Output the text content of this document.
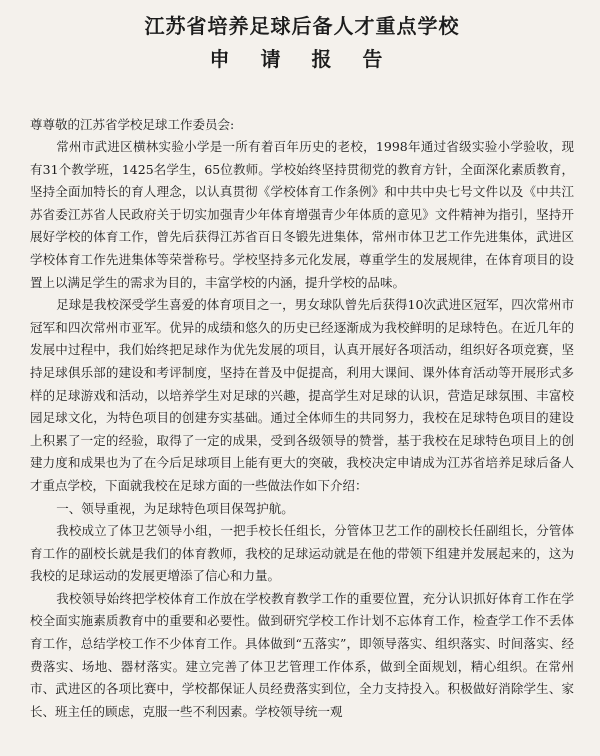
江苏省培养足球后备人才重点学校
申 请 报 告

尊尊敬的江苏省学校足球工作委员会:

常州市武进区横林实验小学是一所有着百年历史的老校，1998年通过省级实验小学验收，现有31个教学班，1425名学生，65位教师。学校始终坚持贯彻党的教育方针，全面深化素质教育，坚持全面加特长的育人理念，以认真贯彻《学校体育工作条例》和中共中央七号文件以及《中共江苏省委江苏省人民政府关于切实加强青少年体育增强青少年体质的意见》文件精神为指引，坚持开展好学校的体育工作，曾先后获得江苏省百日冬锻先进集体，常州市体卫艺工作先进集体，武进区学校体育工作先进集体等荣誉称号。学校坚持多元化发展，尊重学生的发展规律，在体育项目的设置上以满足学生的需求为目的，丰富学校的内涵，提升学校的品味。

足球是我校深受学生喜爱的体育项目之一，男女球队曾先后获得10次武进区冠军，四次常州市冠军和四次常州市亚军。优异的成绩和悠久的历史已经逐渐成为我校鲜明的足球特色。在近几年的发展中过程中，我们始终把足球作为优先发展的项目，认真开展好各项活动，组织好各项竞赛，坚持足球俱乐部的建设和考评制度，坚持在普及中促提高，利用大课间、课外体育活动等开展形式多样的足球游戏和活动，以培养学生对足球的兴趣，提高学生对足球的认识，营造足球氛围、丰富校园足球文化，为特色项目的创建夯实基础。通过全体师生的共同努力，我校在足球特色项目的建设上积累了一定的经验，取得了一定的成果，受到各级领导的赞誉，基于我校在足球特色项目上的创建力度和成果也为了在今后足球项目上能有更大的突破，我校决定申请成为江苏省培养足球后备人才重点学校，下面就我校在足球方面的一些做法作如下介绍：

一、领导重视，为足球特色项目保驾护航。

我校成立了体卫艺领导小组，一把手校长任组长，分管体卫艺工作的副校长任副组长，分管体育工作的副校长就是我们的体育教师，我校的足球运动就是在他的带领下组建并发展起来的，这为我校的足球运动的发展更增添了信心和力量。

我校领导始终把学校体育工作放在学校教育教学工作的重要位置，充分认识抓好体育工作在学校全面实施素质教育中的重要和必要性。做到研究学校工作计划不忘体育工作，检查学工作不丢体育工作，总结学校工作不少体育工作。具体做到“五落实”，即领导落实、组织落实、时间落实、经费落实、场地、器材落实。建立完善了体卫艺管理工作体系，做到全面规划，精心组织。在常州市、武进区的各项比赛中，学校都保证人员经费落实到位，全力支持投入。积极做好消除学生、家长、班主任的顾虑，克服一些不利因素。学校领导统一观
